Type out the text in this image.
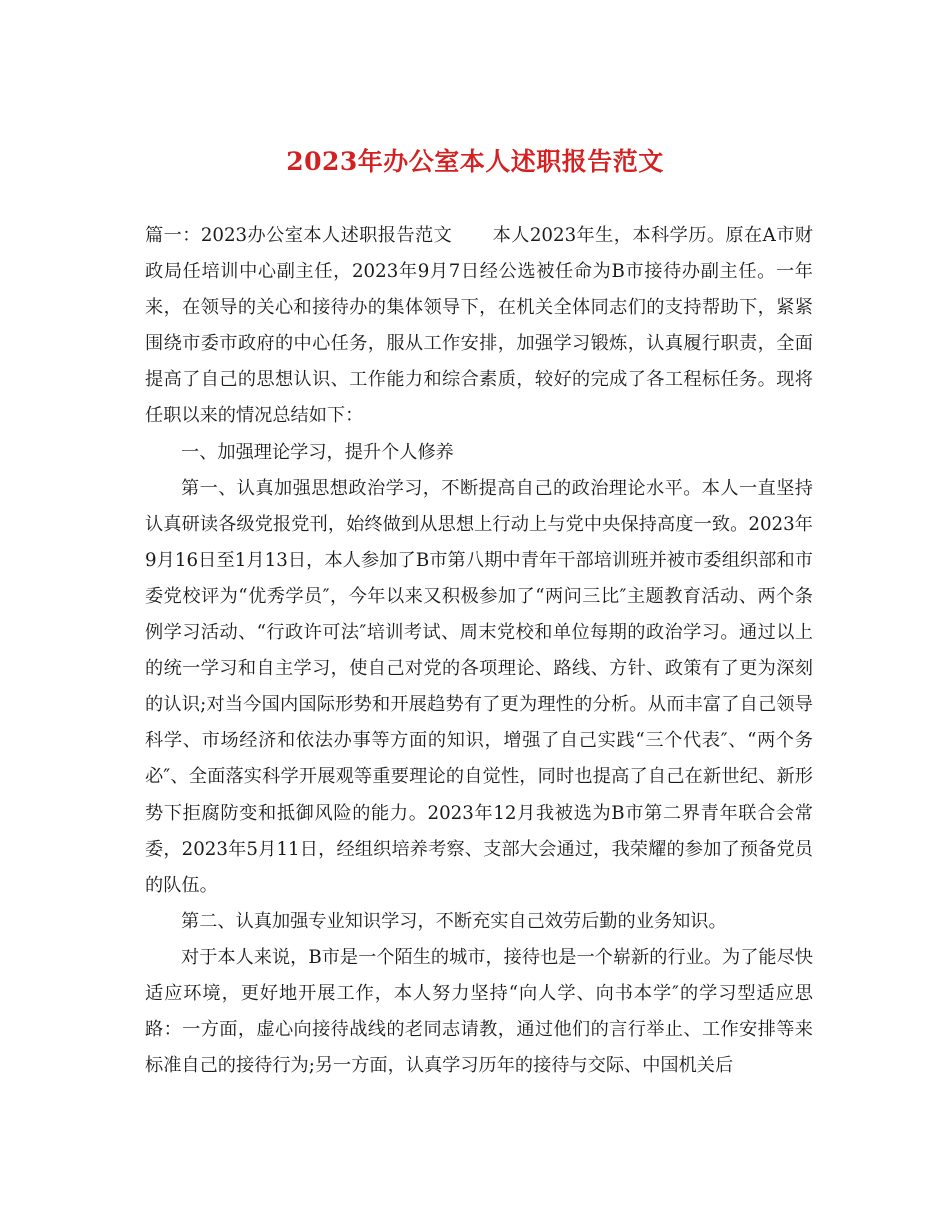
2023年办公室本人述职报告范文

篇一：2023办公室本人述职报告范文 本人2023年生，本科学历。原在A市财政局任培训中心副主任，2023年9月7日经公选被任命为B市接待办副主任。一年来，在领导的关心和接待办的集体领导下，在机关全体同志们的支持帮助下，紧紧围绕市委市政府的中心任务，服从工作安排，加强学习锻炼，认真履行职责，全面提高了自己的思想认识、工作能力和综合素质，较好的完成了各工程标任务。现将任职以来的情况总结如下：

一、加强理论学习，提升个人修养

第一、认真加强思想政治学习，不断提高自己的政治理论水平。本人一直坚持认真研读各级党报党刊，始终做到从思想上行动上与党中央保持高度一致。2023年9月16日至1月13日，本人参加了B市第八期中青年干部培训班并被市委组织部和市委党校评为“优秀学员″，今年以来又积极参加了“两问三比″主题教育活动、两个条例学习活动、“行政许可法″培训考试、周末党校和单位每期的政治学习。通过以上的统一学习和自主学习，使自己对党的各项理论、路线、方针、政策有了更为深刻的认识;对当今国内国际形势和开展趋势有了更为理性的分析。从而丰富了自己领导科学、市场经济和依法办事等方面的知识，增强了自己实践“三个代表″、“两个务必″、全面落实科学开展观等重要理论的自觉性，同时也提高了自己在新世纪、新形势下拒腐防变和抵御风险的能力。2023年12月我被选为B市第二界青年联合会常委，2023年5月11日，经组织培养考察、支部大会通过，我荣耀的参加了预备党员的队伍。

第二、认真加强专业知识学习，不断充实自己效劳后勤的业务知识。

对于本人来说，B市是一个陌生的城市，接待也是一个崭新的行业。为了能尽快适应环境，更好地开展工作，本人努力坚持“向人学、向书本学″的学习型适应思路：一方面，虚心向接待战线的老同志请教，通过他们的言行举止、工作安排等来标准自己的接待行为;另一方面，认真学习历年的接待与交际、中国机关后
